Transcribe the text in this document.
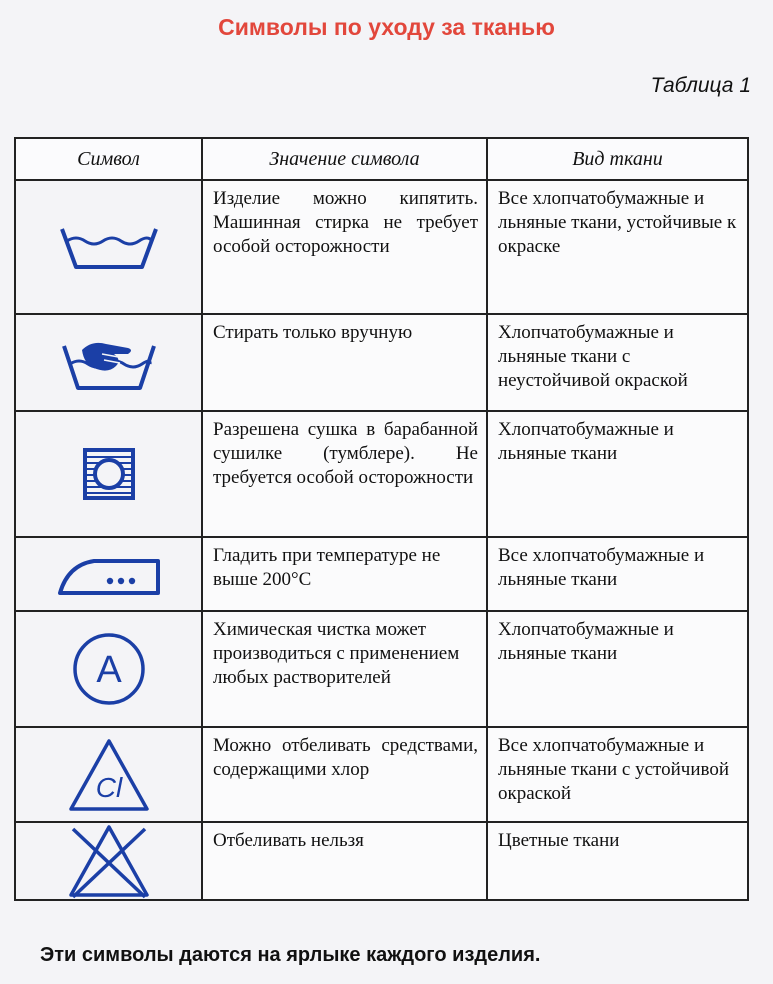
Символы по уходу за тканью
Таблица 1
Символ	Значение символа	Вид ткани

	Изделие можно кипятить. Машинная стирка не требует особой осторожности	Все хлопчатобумажные и льняные ткани, устойчивые к окраске

	Стирать только вручную	Хлопчатобумажные и льняные ткани с неустойчивой окраской

	Разрешена сушка в барабанной сушилке (тумблере). Не требуется особой осторожности	Хлопчатобумажные и льняные ткани

	Гладить при температуре не выше 200°С	Все хлопчатобумажные и льняные ткани

A	Химическая чистка может производиться с применением любых растворителей	Хлопчатобумажные и льняные ткани

Cl	Можно отбеливать средствами, содержащими хлор	Все хлопчатобумажные и льняные ткани с устойчивой окраской

	Отбеливать нельзя	Цветные ткани
Эти символы даются на ярлыке каждого изделия.
